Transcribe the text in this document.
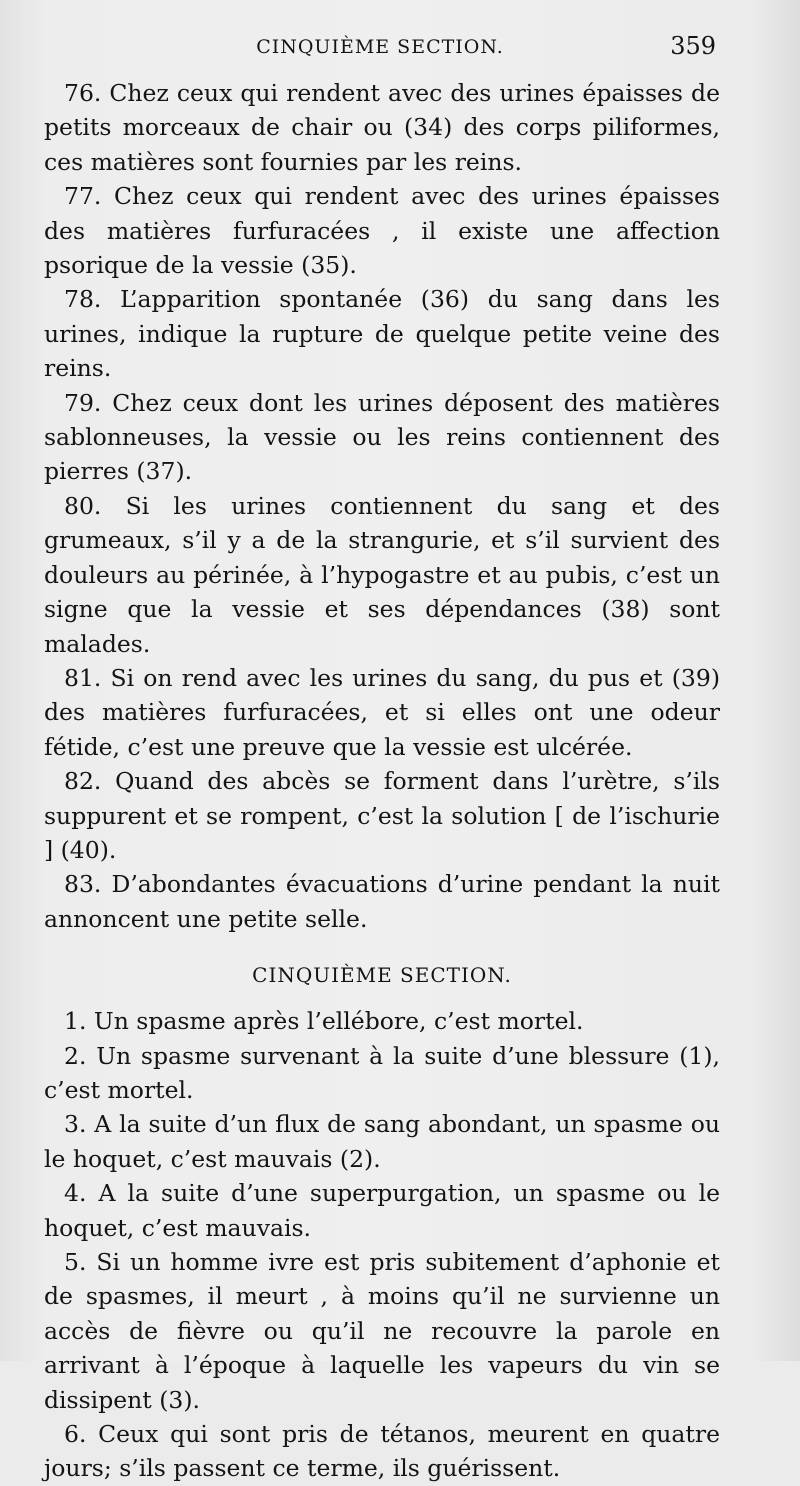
CINQUIÈME SECTION.	359

76. Chez ceux qui rendent avec des urines épaisses de petits morceaux de chair ou (34) des corps piliformes, ces matières sont fournies par les reins.

77. Chez ceux qui rendent avec des urines épaisses des matières furfuracées , il existe une affection psorique de la vessie (35).

78. L’apparition spontanée (36) du sang dans les urines, indique la rupture de quelque petite veine des reins.

79. Chez ceux dont les urines déposent des matières sablonneuses, la vessie ou les reins contiennent des pierres (37).

80. Si les urines contiennent du sang et des grumeaux, s’il y a de la strangurie, et s’il survient des douleurs au périnée, à l’hypogastre et au pubis, c’est un signe que la vessie et ses dépendances (38) sont malades.

81. Si on rend avec les urines du sang, du pus et (39) des matières furfuracées, et si elles ont une odeur fétide, c’est une preuve que la vessie est ulcérée.

82. Quand des abcès se forment dans l’urètre, s’ils suppurent et se rompent, c’est la solution [ de l’ischurie ] (40).

83. D’abondantes évacuations d’urine pendant la nuit annoncent une petite selle.

CINQUIÈME SECTION.

1. Un spasme après l’ellébore, c’est mortel.

2. Un spasme survenant à la suite d’une blessure (1), c’est mortel.

3. A la suite d’un flux de sang abondant, un spasme ou le hoquet, c’est mauvais (2).

4. A la suite d’une superpurgation, un spasme ou le hoquet, c’est mauvais.

5. Si un homme ivre est pris subitement d’aphonie et de spasmes, il meurt , à moins qu’il ne survienne un accès de fièvre ou qu’il ne recouvre la parole en arrivant à l’époque à laquelle les vapeurs du vin se dissipent (3).

6. Ceux qui sont pris de tétanos, meurent en quatre jours; s’ils passent ce terme, ils guérissent.
